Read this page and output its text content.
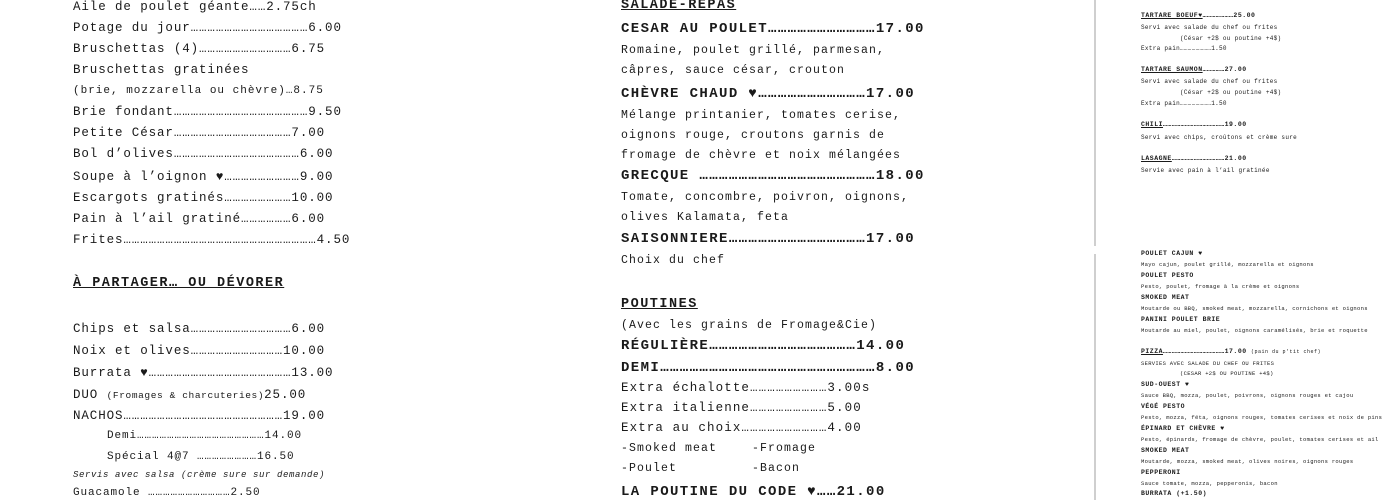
Aile de poulet géante……2.75ch
Potage du jour……………………………………6.00
Bruschettas (4)……………………………6.75
Bruschettas gratinées
(brie, mozzarella ou chèvre)…8.75
Brie fondant…………………………………………9.50
Petite César……………………………………7.00
Bol d’olives………………………………………6.00
Soupe à l’oignon ♥………………………9.00
Escargots gratinés……………………10.00
Pain à l’ail gratiné………………6.00
Frites……………………………………………………………4.50
À PARTAGER… OU DÉVORER
Chips et salsa………………………………6.00
Noix et olives……………………………10.00
Burrata ♥……………………………………………13.00
DUO (Fromages & charcuteries)25.00
NACHOS…………………………………………………19.00
Demi……………………………………………14.00
Spécial 4@7 ……………………16.50
Servis avec salsa (crème sure sur demande)
Guacamole ……………………………2.50
SALADE-REPAS
CESAR AU POULET……………………………17.00
Romaine, poulet grillé, parmesan,
câpres, sauce césar, crouton
CHÈVRE CHAUD ♥……………………………17.00
Mélange printanier, tomates cerise,
oignons rouge, croutons garnis de
fromage de chèvre et noix mélangées
GRECQUE ………………………………………………18.00
Tomate, concombre, poivron, oignons,
olives Kalamata, feta
SAISONNIERE……………………………………17.00
Choix du chef
POUTINES
(Avec les grains de Fromage&Cie)
RÉGULIÈRE………………………………………14.00
DEMI…………………………………………………………8.00
Extra échalotte………………………3.00s
Extra italienne………………………5.00
Extra au choix…………………………4.00
-Smoked meat	-Fromage
-Poulet	-Bacon
LA POUTINE DU CODE ♥……21.00
TARTARE BOEUF♥…………………25.00
Servi avec salade du chef ou frites
(César +2$ ou poutine +4$)
Extra pain……………………1.50
TARTARE SAUMON……………27.00
Servi avec salade du chef ou frites
(César +2$ ou poutine +4$)
Extra pain……………………1.50
CHILI……………………………………19.00
Servi avec chips, croûtons et crème sure
LASAGNE………………………………21.00
Servie avec pain à l’ail gratinée
POULET CAJUN ♥
Mayo cajun, poulet grillé, mozzarella et oignons
POULET PESTO
Pesto, poulet, fromage à la crème et oignons
SMOKED MEAT
Moutarde ou BBQ, smoked meat, mozzarella, cornichons et oignons
PANINI POULET BRIE
Moutarde au miel, poulet, oignons caramélisés, brie et roquette
PIZZA……………………………………17.00 (pain du p'tit chef)
SERVIES AVEC SALADE DU CHEF OU FRITES
(CESAR +2$ OU POUTINE +4$)
SUD-OUEST ♥
Sauce BBQ, mozza, poulet, poivrons, oignons rouges et cajou
VÉGÉ PESTO
Pesto, mozza, féta, oignons rouges, tomates cerises et noix de pins
ÉPINARD ET CHÈVRE ♥
Pesto, épinards, fromage de chèvre, poulet, tomates cerises et ail
SMOKED MEAT
Moutarde, mozza, smoked meat, olives noires, oignons rouges
PEPPERONI
Sauce tomate, mozza, pepperonis, bacon
BURRATA (+1.50)
